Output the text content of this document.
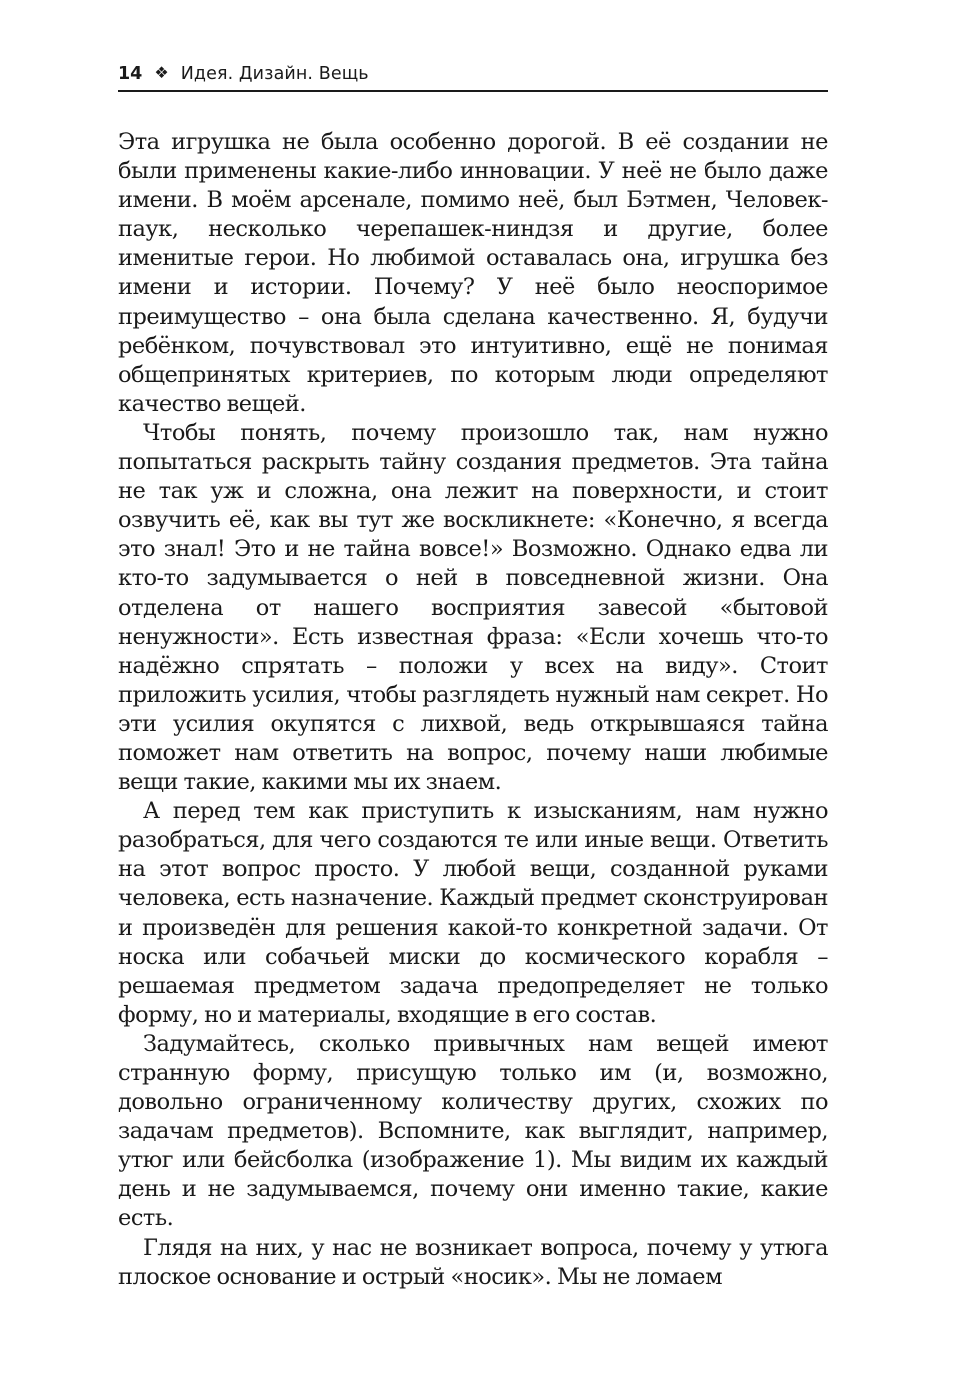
14 ❖ Идея. Дизайн. Вещь

Эта игрушка не была особенно дорогой. В её создании не были применены какие-либо инновации. У неё не было даже имени. В моём арсенале, помимо неё, был Бэтмен, Человек-паук, несколько черепашек-ниндзя и другие, более именитые герои. Но любимой оставалась она, игрушка без имени и истории. Почему? У неё было неоспоримое преимущество – она была сделана качественно. Я, будучи ребёнком, почувствовал это интуитивно, ещё не понимая общепринятых критериев, по которым люди определяют качество вещей.

Чтобы понять, почему произошло так, нам нужно попытаться раскрыть тайну создания предметов. Эта тайна не так уж и сложна, она лежит на поверхности, и стоит озвучить её, как вы тут же воскликнете: «Конечно, я всегда это знал! Это и не тайна вовсе!» Возможно. Однако едва ли кто-то задумывается о ней в повседневной жизни. Она отделена от нашего восприятия завесой «бытовой ненужности». Есть известная фраза: «Если хочешь что-то надёжно спрятать – положи у всех на виду». Стоит приложить усилия, чтобы разглядеть нужный нам секрет. Но эти усилия окупятся с лихвой, ведь открывшаяся тайна поможет нам ответить на вопрос, почему наши любимые вещи такие, какими мы их знаем.

А перед тем как приступить к изысканиям, нам нужно разобраться, для чего создаются те или иные вещи. Ответить на этот вопрос просто. У любой вещи, созданной руками человека, есть назначение. Каждый предмет сконструирован и произведён для решения какой-то конкретной задачи. От носка или собачьей миски до космического корабля – решаемая предметом задача предопределяет не только форму, но и материалы, входящие в его состав.

Задумайтесь, сколько привычных нам вещей имеют странную форму, присущую только им (и, возможно, довольно ограниченному количеству других, схожих по задачам предметов). Вспомните, как выглядит, например, утюг или бейсболка (изображение 1). Мы видим их каждый день и не задумываемся, почему они именно такие, какие есть.

Глядя на них, у нас не возникает вопроса, почему у утюга плоское основание и острый «носик». Мы не ломаем
